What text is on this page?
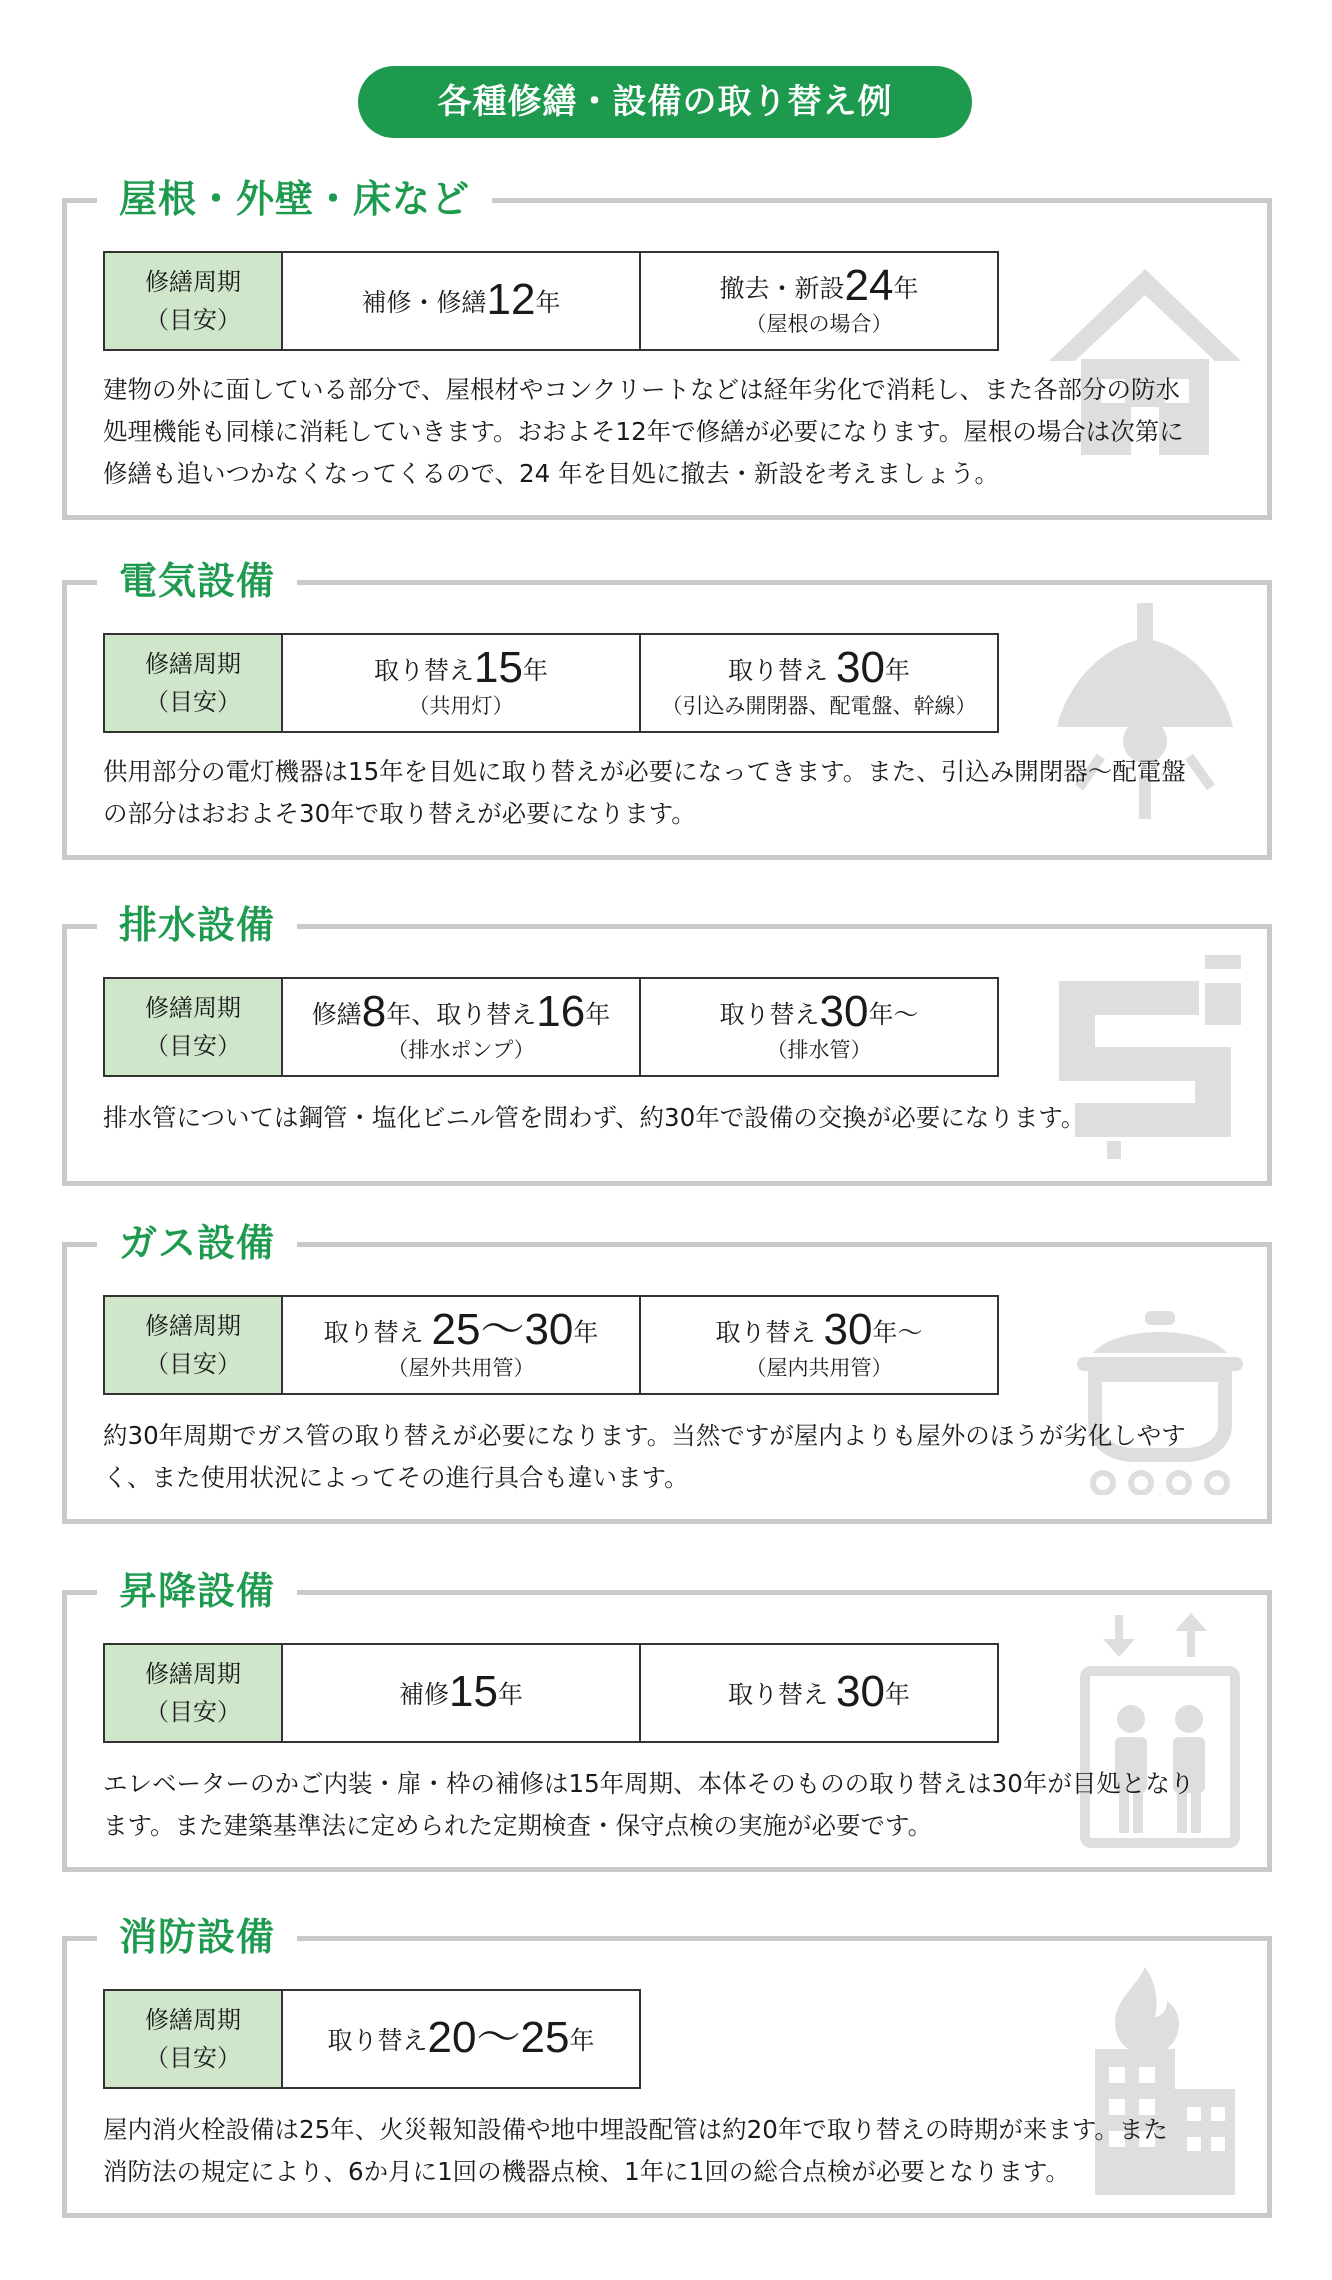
各種修繕・設備の取り替え例
屋根・外壁・床など
修繕周期
（目安）
補修・修繕12年	撤去・新設24年
（屋根の場合）
建物の外に面している部分で、屋根材やコンクリートなどは経年劣化で消耗し、また各部分の防水
処理機能も同様に消耗していきます。おおよそ12年で修繕が必要になります。屋根の場合は次第に
修繕も追いつかなくなってくるので、24 年を目処に撤去・新設を考えましょう。
電気設備
修繕周期
（目安）
取り替え15年
（共用灯）
取り替え 30年
（引込み開閉器、配電盤、幹線）
供用部分の電灯機器は15年を目処に取り替えが必要になってきます。また、引込み開閉器～配電盤
の部分はおおよそ30年で取り替えが必要になります。
排水設備
修繕周期
（目安）
修繕8年、取り替え16年
（排水ポンプ）
取り替え30年～
（排水管）
排水管については鋼管・塩化ビニル管を問わず、約30年で設備の交換が必要になります。
ガス設備
修繕周期
（目安）
取り替え 25～30年
（屋外共用管）
取り替え 30年～
（屋内共用管）
約30年周期でガス管の取り替えが必要になります。当然ですが屋内よりも屋外のほうが劣化しやす
く、また使用状況によってその進行具合も違います。
昇降設備
修繕周期
（目安）
補修15年	取り替え 30年
エレベーターのかご内装・扉・枠の補修は15年周期、本体そのものの取り替えは30年が目処となり
ます。また建築基準法に定められた定期検査・保守点検の実施が必要です。
消防設備
修繕周期
（目安）
取り替え20～25年
屋内消火栓設備は25年、火災報知設備や地中埋設配管は約20年で取り替えの時期が来ます。また
消防法の規定により、6か月に1回の機器点検、1年に1回の総合点検が必要となります。
